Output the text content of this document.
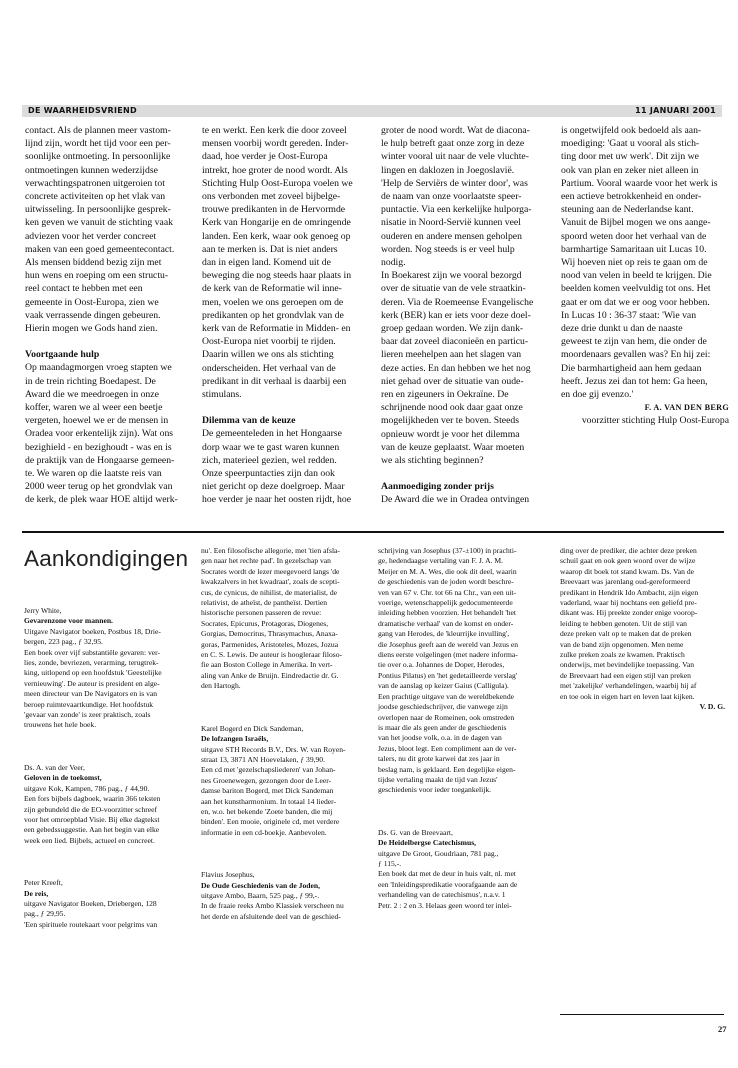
DE WAARHEIDSVRIEND	11 JANUARI 2001

contact. Als de plannen meer vastom-
lijnd zijn, wordt het tijd voor een per-
soonlijke ontmoeting. In persoonlijke
ontmoetingen kunnen wederzijdse
verwachtingspatronen uitgeroien tot
concrete activiteiten op het vlak van
uitwisseling. In persoonlijke gesprek-
ken geven we vanuit de stichting vaak
adviezen voor het verder concreet
maken van een goed gemeentecontact.
Als mensen biddend bezig zijn met
hun wens en roeping om een structu-
reel contact te hebben met een
gemeente in Oost-Europa, zien we
vaak verrassende dingen gebeuren.
Hierin mogen we Gods hand zien.

Voortgaande hulp

Op maandagmorgen vroeg stapten we
in de trein richting Boedapest. De
Award die we meedroegen in onze
koffer, waren we al weer een beetje
vergeten, hoewel we er de mensen in
Oradea voor erkentelijk zijn). Wat ons
bezighield - en bezighoudt - was en is
de praktijk van de Hongaarse gemeen-
te. We waren op die laatste reis van
2000 weer terug op het grondvlak van
de kerk, de plek waar HOE altijd werk-

te en werkt. Een kerk die door zoveel
mensen voorbij wordt gereden. Inder-
daad, hoe verder je Oost-Europa
intrekt, hoe groter de nood wordt. Als
Stichting Hulp Oost-Europa voelen we
ons verbonden met zoveel bijbelge-
trouwe predikanten in de Hervormde
Kerk van Hongarije en de omringende
landen. Een kerk, waar ook genoeg op
aan te merken is. Dat is niet anders
dan in eigen land. Komend uit de
beweging die nog steeds haar plaats in
de kerk van de Reformatie wil inne-
men, voelen we ons geroepen om de
predikanten op het grondvlak van de
kerk van de Reformatie in Midden- en
Oost-Europa niet voorbij te rijden.
Daarin willen we ons als stichting
onderscheiden. Het verhaal van de
predikant in dit verhaal is daarbij een
stimulans.

Dilemma van de keuze

De gemeenteleden in het Hongaarse
dorp waar we te gast waren kunnen
zich, materieel gezien, wel redden.
Onze speerpuntacties zijn dan ook
niet gericht op deze doelgroep. Maar
hoe verder je naar het oosten rijdt, hoe

groter de nood wordt. Wat de diacona-
le hulp betreft gaat onze zorg in deze
winter vooral uit naar de vele vluchte-
lingen en daklozen in Joegoslavië.
'Help de Serviërs de winter door', was
de naam van onze voorlaatste speer-
puntactie. Via een kerkelijke hulporga-
nisatie in Noord-Servië kunnen veel
ouderen en andere mensen geholpen
worden. Nog steeds is er veel hulp
nodig.
In Boekarest zijn we vooral bezorgd
over de situatie van de vele straatkin-
deren. Via de Roemeense Evangelische
kerk (BER) kan er iets voor deze doel-
groep gedaan worden. We zijn dank-
baar dat zoveel diaconieën en particu-
lieren meehelpen aan het slagen van
deze acties. En dan hebben we het nog
niet gehad over de situatie van oude-
ren en zigeuners in Oekraïne. De
schrijnende nood ook daar gaat onze
mogelijkheden ver te boven. Steeds
opnieuw wordt je voor het dilemma
van de keuze geplaatst. Waar moeten
we als stichting beginnen?

Aanmoediging zonder prijs

De Award die we in Oradea ontvingen

is ongetwijfeld ook bedoeld als aan-
moediging: 'Gaat u vooral als stich-
ting door met uw werk'. Dit zijn we
ook van plan en zeker niet alleen in
Partium. Vooral waarde voor het werk is
een actieve betrokkenheid en onder-
steuning aan de Nederlandse kant.
Vanuit de Bijbel mogen we ons aange-
spoord weten door het verhaal van de
barmhartige Samaritaan uit Lucas 10.
Wij hoeven niet op reis te gaan om de
nood van velen in beeld te krijgen. Die
beelden komen veelvuldig tot ons. Het
gaat er om dat we er oog voor hebben.
In Lucas 10 : 36-37 staat: 'Wie van
deze drie dunkt u dan de naaste
geweest te zijn van hem, die onder de
moordenaars gevallen was? En hij zei:
Die barmhartigheid aan hem gedaan
heeft. Jezus zei dan tot hem: Ga heen,
en doe gij evenzo.'

F. A. VAN DEN BERG

voorzitter stichting Hulp Oost-Europa

Aankondigingen

Jerry White,
Gevarenzone voor mannen.
Uitgave Navigator boeken, Postbus 18, Drie-
bergen, 223 pag., ƒ 32,95.
Een boek over vijf substantiële gevaren: ver-
lies, zonde, bevriezen, verarming, terugtrek-
king, uitlopend op een hoofdstuk 'Geestelijke
vernieuwing'. De auteur is president en alge-
meen directeur van De Navigators en is van
beroep ruimtevaartkundige. Het hoofdstuk
'gevaar van zonde' is zeer praktisch, zoals
trouwens het hele boek.

Ds. A. van der Veer,
Geloven in de toekomst,
uitgave Kok, Kampen, 786 pag., ƒ 44,90.
Een fors bijbels dagboek, waarin 366 teksten
zijn gebundeld die de EO-voorzitter schreef
voor het omroepblad Visie. Bij elke dagtekst
een gebedssuggestie. Aan het begin van elke
week een lied. Bijbels, actueel en concreet.

Peter Kreeft,
De reis,
uitgave Navigator Boeken, Driebergen, 128
pag., ƒ 29,95.
'Een spirituele routekaart voor pelgrims van

nu'. Een filosofische allegorie, met 'tien afsla-
gen naar het rechte pad'. In gezelschap van
Socrates wordt de lezer meegevoerd langs 'de
kwakzalvers in het kwadraat', zoals de scepti-
cus, de cynicus, de nihilist, de materialist, de
relativist, de atheïst, de pantheïst. Dertien
historische personen passeren de revue:
Socrates, Epicurus, Protagoras, Diogenes,
Gorgias, Democritus, Thrasymachus, Anaxa-
goras, Parmenides, Aristoteles, Mozes, Jozua
en C. S. Lewis. De auteur is hoogleraar filoso-
fie aan Boston College in Amerika. In vert-
aling van Anke de Bruijn. Eindredactie dr. G.
den Hartogh.

Karel Bogerd en Dick Sandeman,
De lofzangen Israëls,
uitgave STH Records B.V., Drs. W. van Royen-
straat 13, 3871 AN Hoevelaken, ƒ 39,90.
Een cd met 'gezelschapsliederen' van Johan-
nes Groenewegen, gezongen door de Leer-
damse bariton Bogerd, met Dick Sandeman
aan het kunstharmonium. In totaal 14 lieder-
en, w.o. het bekende 'Zoete banden, die mij
binden'. Een mooie, originele cd, met verdere
informatie in een cd-boekje. Aanbevolen.

Flavius Josephus,
De Oude Geschiedenis van de Joden,
uitgave Ambo, Baarn, 525 pag., ƒ 99,-.
In de fraaie reeks Ambo Klassiek verscheen nu
het derde en afsluitende deel van de geschied-

schrijving van Josephus (37-±100) in prachti-
ge, hedendaagse vertaling van F. J. A. M.
Meijer en M. A. Wes, die ook dit deel, waarin
de geschiedenis van de joden wordt beschre-
ven van 67 v. Chr. tot 66 na Chr., van een uit-
voerige, wetenschappelijk gedocumenteerde
inleiding hebben voorzien. Het behandelt 'het
dramatische verhaal' van de komst en onder-
gang van Herodes, de 'kleurrijke invulling',
die Josephus geeft aan de wereld van Jezus en
diens eerste volgelingen (met nadere informa-
tie over o.a. Johannes de Doper, Herodes,
Pontius Pilatus) en 'het gedetailleerde verslag'
van de aanslag op keizer Gaius (Calligula).
Een prachtige uitgave van de wereldbekende
joodse geschiedschrijver, die vanwege zijn
overlopen naar de Romeinen, ook omstreden
is maar die als geen ander de geschiedenis
van het joodse volk, o.a. in de dagen van
Jezus, bloot legt. Een compliment aan de ver-
talers, nu dit grote karwei dat zes jaar in
beslag nam, is geklaard. Een degelijke eigen-
tijdse vertaling maakt de tijd van Jezus'
geschiedenis voor ieder toegankelijk.

Ds. G. van de Breevaart,
De Heidelbergse Catechismus,
uitgave De Groot, Goudriaan, 781 pag.,
ƒ 115,-.
Een boek dat met de deur in huis valt, nl. met
een 'Inleidingspredikatie voorafgaande aan de
verhandeling van de catechismus', n.a.v. 1
Petr. 2 : 2 en 3. Helaas geen woord ter inlei-

ding over de prediker, die achter deze preken
schuil gaat en ook geen woord over de wijze
waarop dit boek tot stand kwam. Ds. Van de
Breevaart was jarenlang oud-gereformeerd
predikant in Hendrik Ido Ambacht, zijn eigen
vaderland, waar hij nochtans een geliefd pre-
dikant was. Hij preekte zonder enige voorop-
leiding te hebben genoten. Uit de stijl van
deze preken valt op te maken dat de preken
van de band zijn opgenomen. Men neme
zulke preken zoals ze kwamen. Praktisch
onderwijs, met bevindelijke toepassing. Van
de Breevaart had een eigen stijl van preken
met 'zakelijke' verhandelingen, waarbij hij af
en toe ook in eigen hart en leven laat kijken.

V. D. G.

27
